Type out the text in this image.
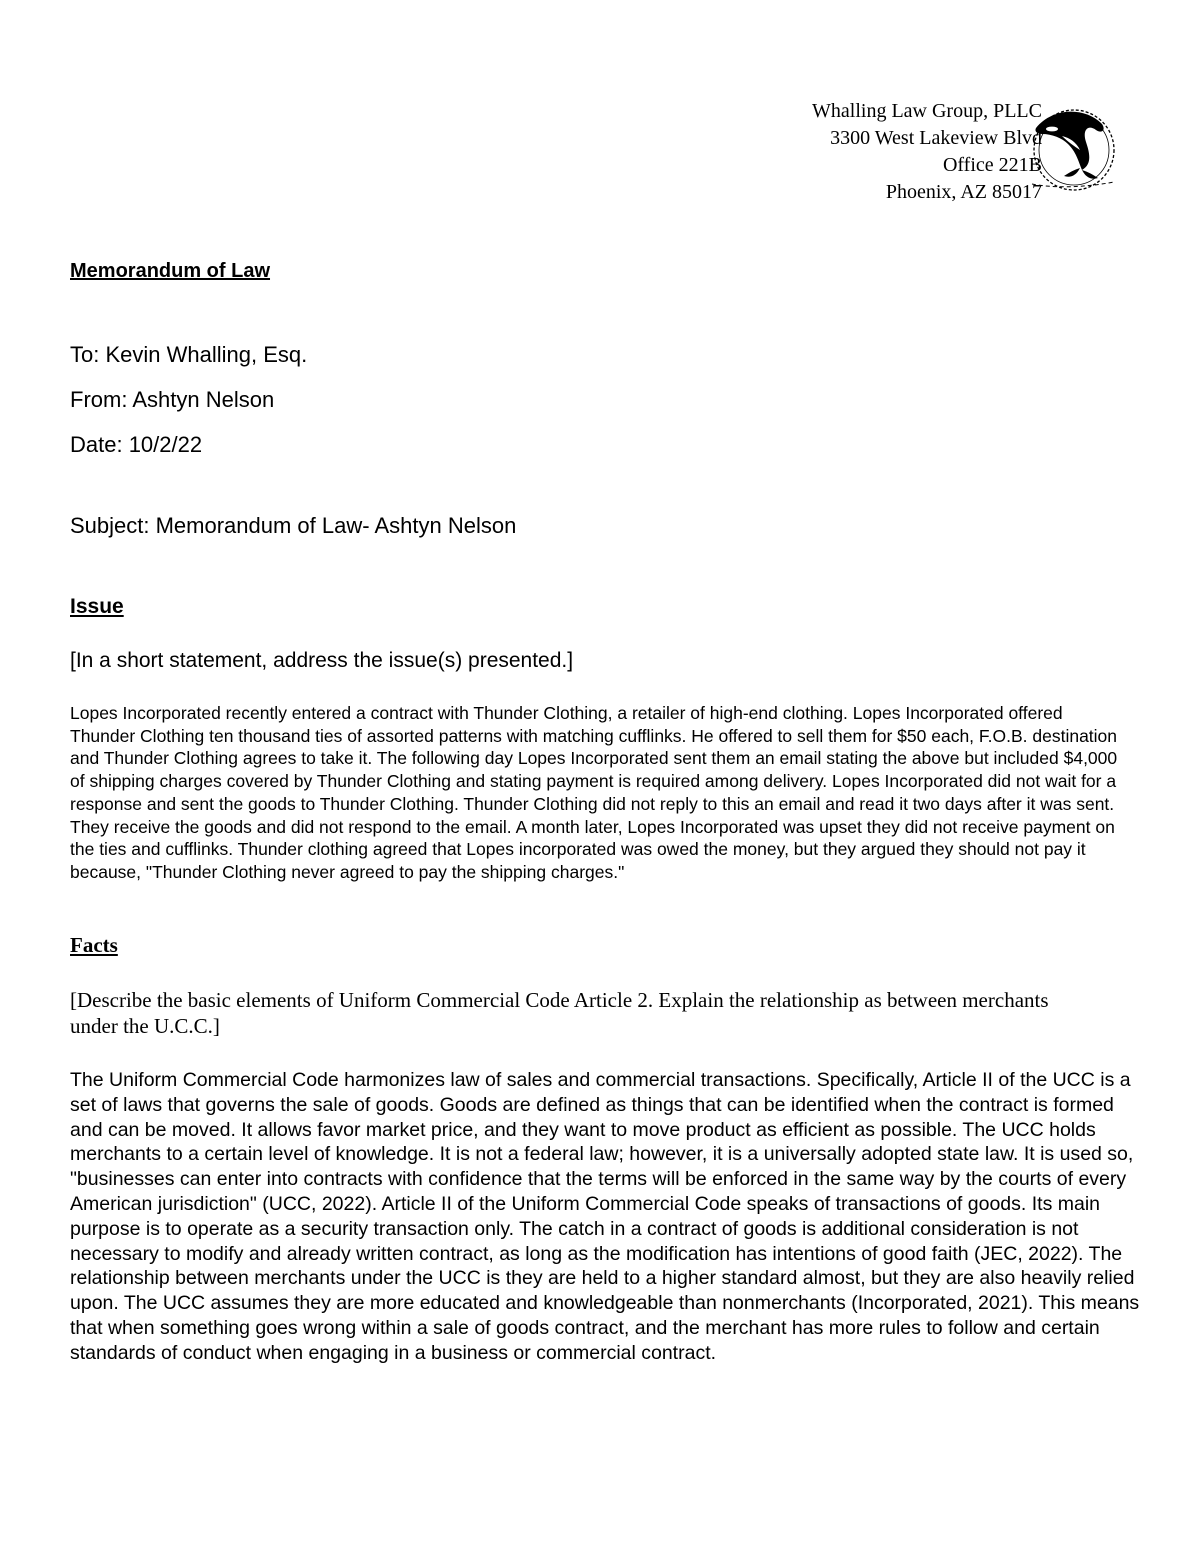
Whalling Law Group, PLLC
3300 West Lakeview Blvd
Office 221B
Phoenix, AZ 85017
Memorandum of Law

To: Kevin Whalling, Esq.

From: Ashtyn Nelson

Date: 10/2/22

Subject: Memorandum of Law- Ashtyn Nelson

Issue

[In a short statement, address the issue(s) presented.]

Lopes Incorporated recently entered a contract with Thunder Clothing, a retailer of high-end clothing. Lopes Incorporated offered Thunder Clothing ten thousand ties of assorted patterns with matching cufflinks. He offered to sell them for $50 each, F.O.B. destination and Thunder Clothing agrees to take it. The following day Lopes Incorporated sent them an email stating the above but included $4,000 of shipping charges covered by Thunder Clothing and stating payment is required among delivery. Lopes Incorporated did not wait for a response and sent the goods to Thunder Clothing. Thunder Clothing did not reply to this an email and read it two days after it was sent. They receive the goods and did not respond to the email. A month later, Lopes Incorporated was upset they did not receive payment on the ties and cufflinks. Thunder clothing agreed that Lopes incorporated was owed the money, but they argued they should not pay it because, "Thunder Clothing never agreed to pay the shipping charges."

Facts

[Describe the basic elements of Uniform Commercial Code Article 2. Explain the relationship as between merchants under the U.C.C.]

The Uniform Commercial Code harmonizes law of sales and commercial transactions. Specifically, Article II of the UCC is a set of laws that governs the sale of goods. Goods are defined as things that can be identified when the contract is formed and can be moved. It allows favor market price, and they want to move product as efficient as possible. The UCC holds merchants to a certain level of knowledge. It is not a federal law; however, it is a universally adopted state law. It is used so, "businesses can enter into contracts with confidence that the terms will be enforced in the same way by the courts of every American jurisdiction" (UCC, 2022). Article II of the Uniform Commercial Code speaks of transactions of goods. Its main purpose is to operate as a security transaction only. The catch in a contract of goods is additional consideration is not necessary to modify and already written contract, as long as the modification has intentions of good faith (JEC, 2022). The relationship between merchants under the UCC is they are held to a higher standard almost, but they are also heavily relied upon. The UCC assumes they are more educated and knowledgeable than nonmerchants (Incorporated, 2021). This means that when something goes wrong within a sale of goods contract, and the merchant has more rules to follow and certain standards of conduct when engaging in a business or commercial contract.
